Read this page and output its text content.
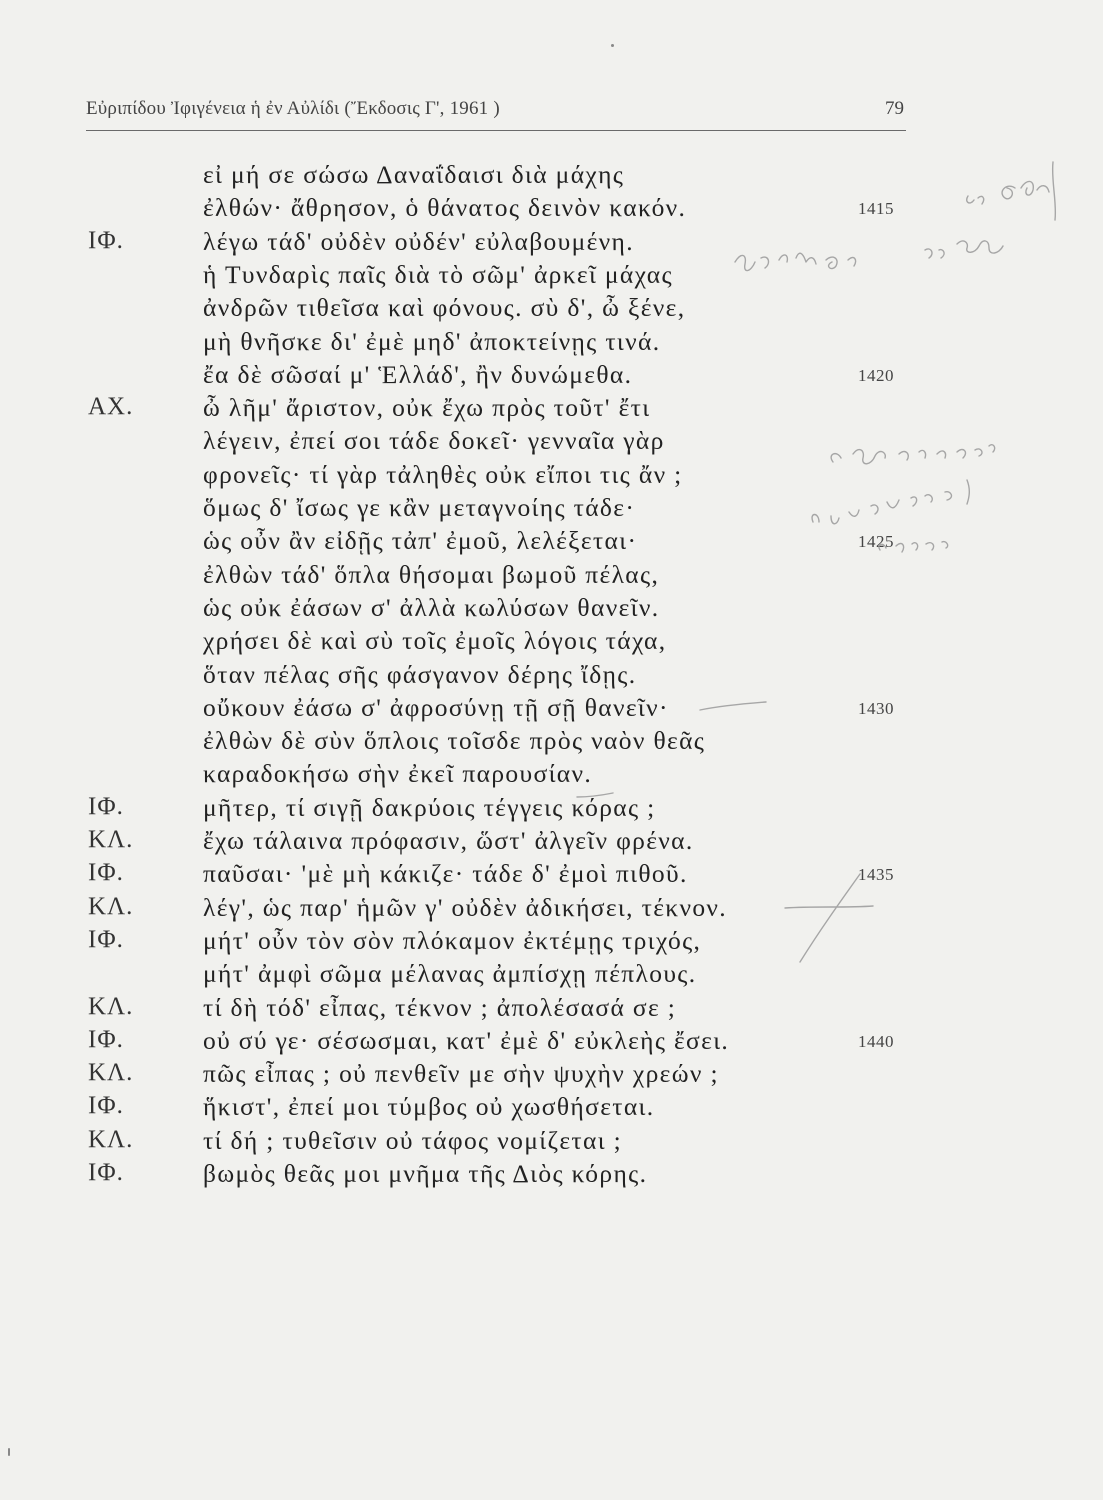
Εὐριπίδου Ἰφιγένεια ἡ ἐν Αὐλίδι (Ἔκδοσις Γ', 1961 )	79
εἰ μή σε σώσω Δαναΐδαισι διὰ μάχης
ἐλθών· ἄθρησον, ὁ θάνατος δεινὸν κακόν.	1415
ΙΦ.	λέγω τάδ' οὐδὲν οὐδέν' εὐλαβουμένη.
ἡ Τυνδαρὶς παῖς διὰ τὸ σῶμ' ἀρκεῖ μάχας
ἀνδρῶν τιθεῖσα καὶ φόνους. σὺ δ', ὦ ξένε,
μὴ θνῆσκε δι' ἐμὲ μηδ' ἀποκτείνῃς τινά.
ἔα δὲ σῶσαί μ' Ἑλλάδ', ἢν δυνώμεθα.	1420
ΑΧ.	ὦ λῆμ' ἄριστον, οὐκ ἔχω πρὸς τοῦτ' ἔτι
λέγειν, ἐπεί σοι τάδε δοκεῖ· γενναῖα γὰρ
φρονεῖς· τί γὰρ τἀληθὲς οὐκ εἴποι τις ἄν ;
ὅμως δ' ἴσως γε κἂν μεταγνοίης τάδε·
ὡς οὖν ἂν εἰδῇς τἀπ' ἐμοῦ, λελέξεται·	1425
ἐλθὼν τάδ' ὅπλα θήσομαι βωμοῦ πέλας,
ὡς οὐκ ἐάσων σ' ἀλλὰ κωλύσων θανεῖν.
χρήσει δὲ καὶ σὺ τοῖς ἐμοῖς λόγοις τάχα,
ὅταν πέλας σῆς φάσγανον δέρης ἴδῃς.
οὔκουν ἐάσω σ' ἀφροσύνῃ τῇ σῇ θανεῖν·	1430
ἐλθὼν δὲ σὺν ὅπλοις τοῖσδε πρὸς ναὸν θεᾶς
καραδοκήσω σὴν ἐκεῖ παρουσίαν.
ΙΦ.	μῆτερ, τί σιγῇ δακρύοις τέγγεις κόρας ;
ΚΛ.	ἔχω τάλαινα πρόφασιν, ὥστ' ἀλγεῖν φρένα.
ΙΦ.	παῦσαι· 'μὲ μὴ κάκιζε· τάδε δ' ἐμοὶ πιθοῦ.	1435
ΚΛ.	λέγ', ὡς παρ' ἡμῶν γ' οὐδὲν ἀδικήσει, τέκνον.
ΙΦ.	μήτ' οὖν τὸν σὸν πλόκαμον ἐκτέμῃς τριχός,
μήτ' ἀμφὶ σῶμα μέλανας ἀμπίσχῃ πέπλους.
ΚΛ.	τί δὴ τόδ' εἶπας, τέκνον ; ἀπολέσασά σε ;
ΙΦ.	οὐ σύ γε· σέσωσμαι, κατ' ἐμὲ δ' εὐκλεὴς ἔσει.	1440
ΚΛ.	πῶς εἶπας ; οὐ πενθεῖν με σὴν ψυχὴν χρεών ;
ΙΦ.	ἥκιστ', ἐπεί μοι τύμβος οὐ χωσθήσεται.
ΚΛ.	τί δή ; τυθεῖσιν οὐ τάφος νομίζεται ;
ΙΦ.	βωμὸς θεᾶς μοι μνῆμα τῆς Διὸς κόρης.
